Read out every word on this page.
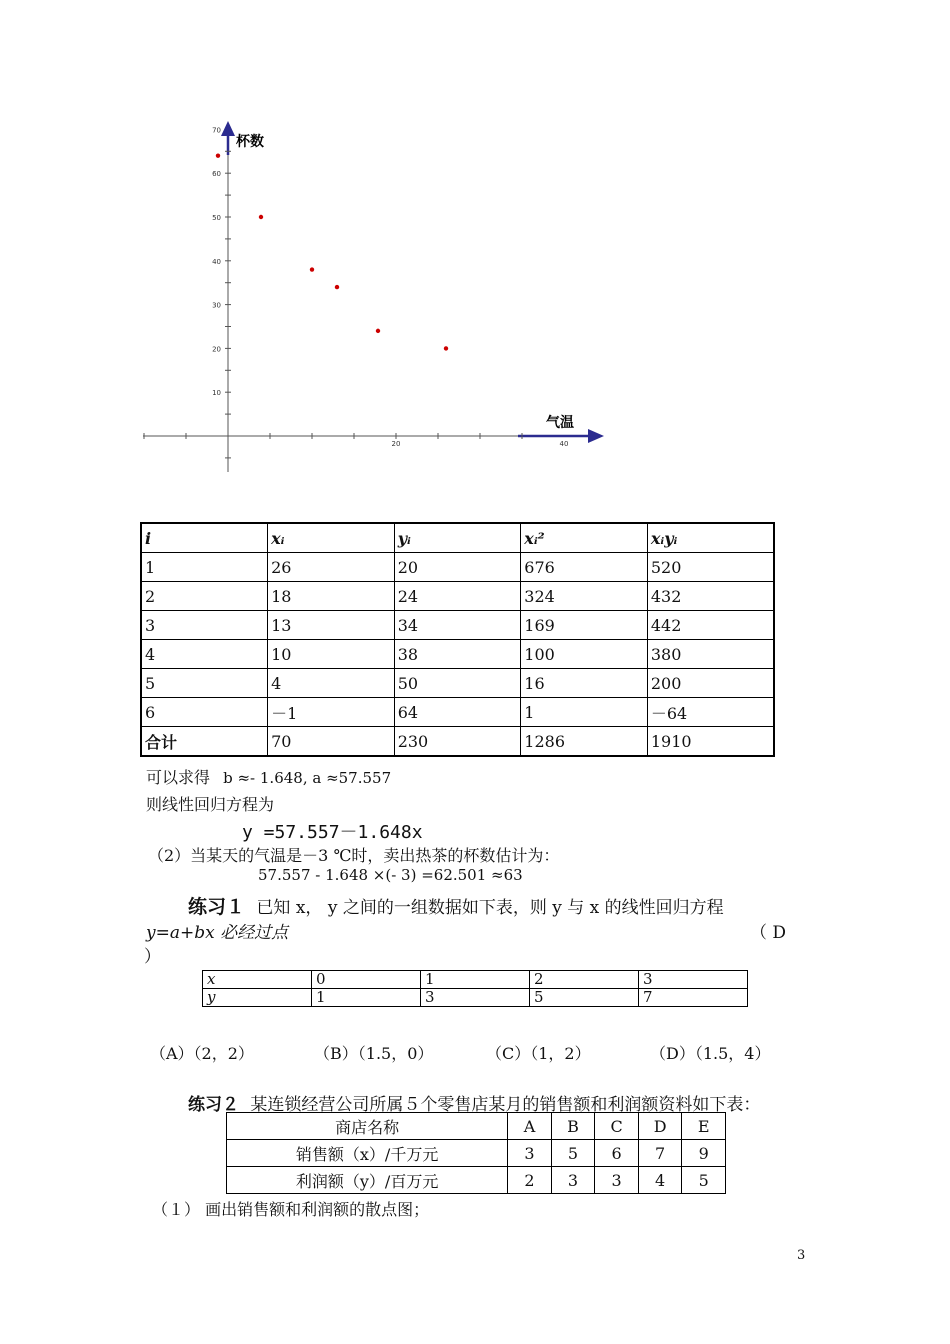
10
20
30
40
50
60
70
20	40
杯数
气温
i	xᵢ	yᵢ	xᵢ²	xᵢyᵢ
1	26	20	676	520
2	18	24	324	432
3	13	34	169	442
4	10	38	100	380
5	4	50	16	200
6	－1	64	1	－64
合计	70	230	1286	1910
可以求得 b ≈- 1.648, a ≈57.557
则线性回归方程为
y =57.557－1.648x
（2）当某天的气温是－3 ℃时，卖出热茶的杯数估计为：
57.557 - 1.648 ×(- 3) =62.501 ≈63
练习１ 已知 x， y 之间的一组数据如下表，则 y 与 x 的线性回归方程
y=a+bx 必经过点	（ D
）
x	0	1	2	3
y	1	3	5	7
（A）（2，2）	（B）（1.5，0）	（C）（1，2）	（D）（1.5，4）
练习２ 某连锁经营公司所属５个零售店某月的销售额和利润额资料如下表：
商店名称	A	B	C	D	E
销售额（x）/千万元	3	5	6	7	9
利润额（y）/百万元	2	3	3	4	5
（１） 画出销售额和利润额的散点图；
3
